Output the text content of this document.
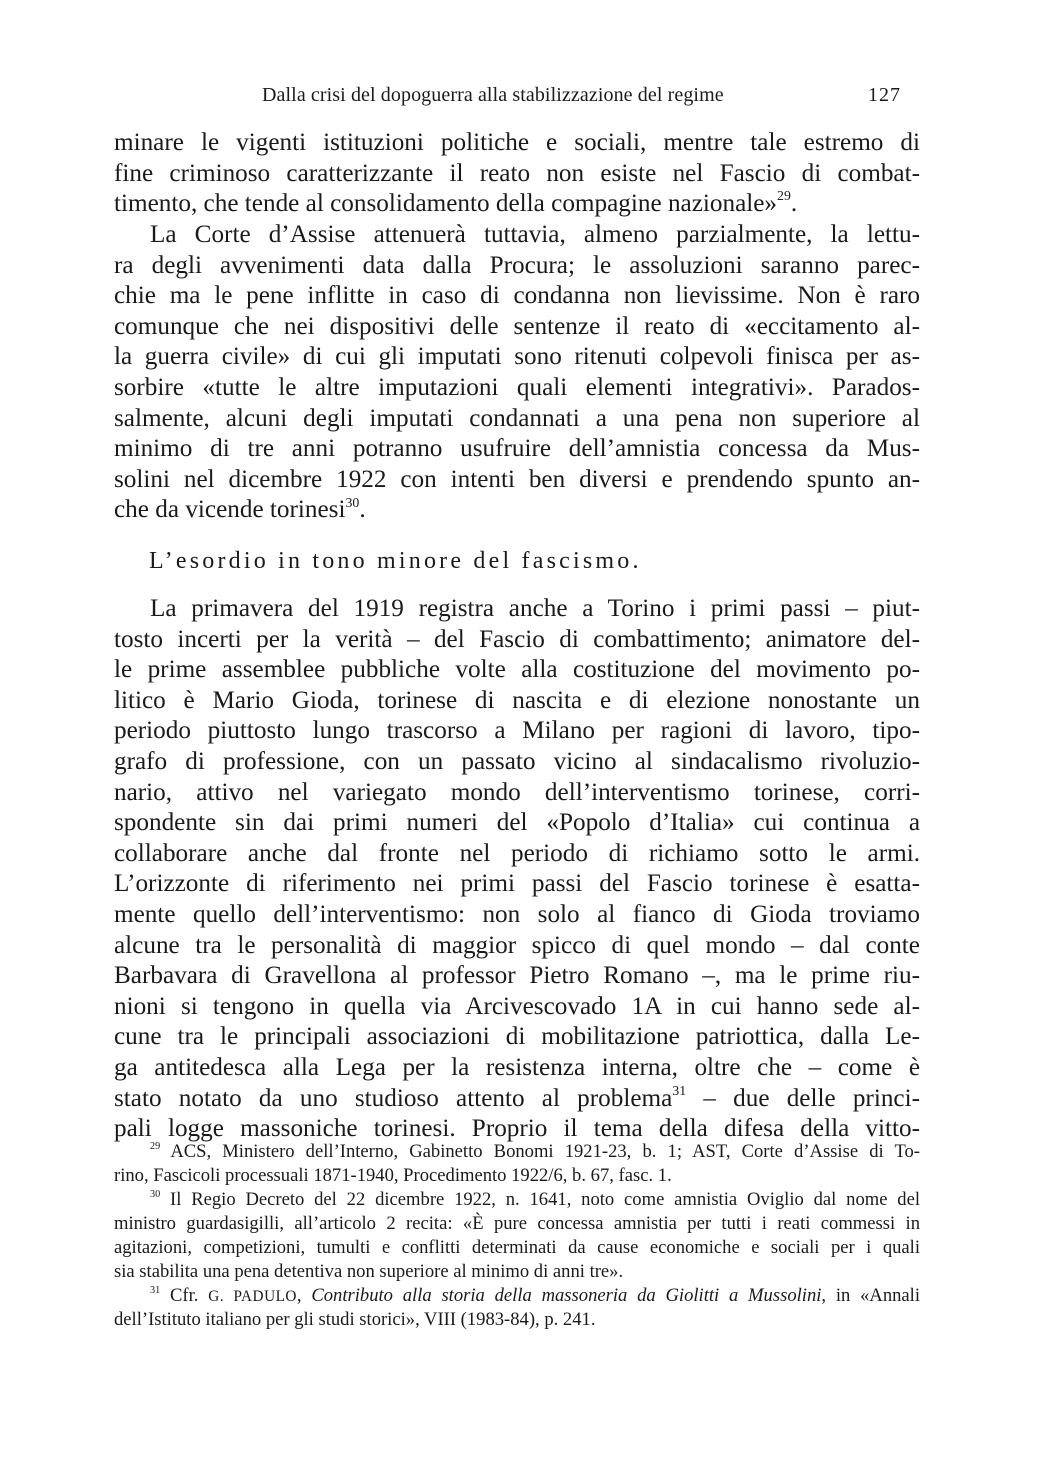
Dalla crisi del dopoguerra alla stabilizzazione del regime	127
minare le vigenti istituzioni politiche e sociali, mentre tale estremo di
fine criminoso caratterizzante il reato non esiste nel Fascio di combat-
timento, che tende al consolidamento della compagine nazionale»$^{29}$.
La Corte d’Assise attenuerà tuttavia, almeno parzialmente, la lettu-
ra degli avvenimenti data dalla Procura; le assoluzioni saranno parec-
chie ma le pene inflitte in caso di condanna non lievissime. Non è raro
comunque che nei dispositivi delle sentenze il reato di «eccitamento al-
la guerra civile» di cui gli imputati sono ritenuti colpevoli finisca per as-
sorbire «tutte le altre imputazioni quali elementi integrativi». Parados-
salmente, alcuni degli imputati condannati a una pena non superiore al
minimo di tre anni potranno usufruire dell’amnistia concessa da Mus-
solini nel dicembre 1922 con intenti ben diversi e prendendo spunto an-
che da vicende torinesi$^{30}$.
L’esordio in tono minore del fascismo.
La primavera del 1919 registra anche a Torino i primi passi – piut-
tosto incerti per la verità – del Fascio di combattimento; animatore del-
le prime assemblee pubbliche volte alla costituzione del movimento po-
litico è Mario Gioda, torinese di nascita e di elezione nonostante un
periodo piuttosto lungo trascorso a Milano per ragioni di lavoro, tipo-
grafo di professione, con un passato vicino al sindacalismo rivoluzio-
nario, attivo nel variegato mondo dell’interventismo torinese, corri-
spondente sin dai primi numeri del «Popolo d’Italia» cui continua a
collaborare anche dal fronte nel periodo di richiamo sotto le armi.
L’orizzonte di riferimento nei primi passi del Fascio torinese è esatta-
mente quello dell’interventismo: non solo al fianco di Gioda troviamo
alcune tra le personalità di maggior spicco di quel mondo – dal conte
Barbavara di Gravellona al professor Pietro Romano –, ma le prime riu-
nioni si tengono in quella via Arcivescovado 1A in cui hanno sede al-
cune tra le principali associazioni di mobilitazione patriottica, dalla Le-
ga antitedesca alla Lega per la resistenza interna, oltre che – come è
stato notato da uno studioso attento al problema$^{31}$ – due delle princi-
pali logge massoniche torinesi. Proprio il tema della difesa della vitto-
$^{29}$ ACS, Ministero dell’Interno, Gabinetto Bonomi 1921-23, b. 1; AST, Corte d’Assise di To-
rino, Fascicoli processuali 1871-1940, Procedimento 1922/6, b. 67, fasc. 1.
$^{30}$ Il Regio Decreto del 22 dicembre 1922, n. 1641, noto come amnistia Oviglio dal nome del
ministro guardasigilli, all’articolo 2 recita: «È pure concessa amnistia per tutti i reati commessi in
agitazioni, competizioni, tumulti e conflitti determinati da cause economiche e sociali per i quali
sia stabilita una pena detentiva non superiore al minimo di anni tre».
$^{31}$ Cfr. G. PADULO, Contributo alla storia della massoneria da Giolitti a Mussolini, in «Annali
dell’Istituto italiano per gli studi storici», VIII (1983-84), p. 241.
